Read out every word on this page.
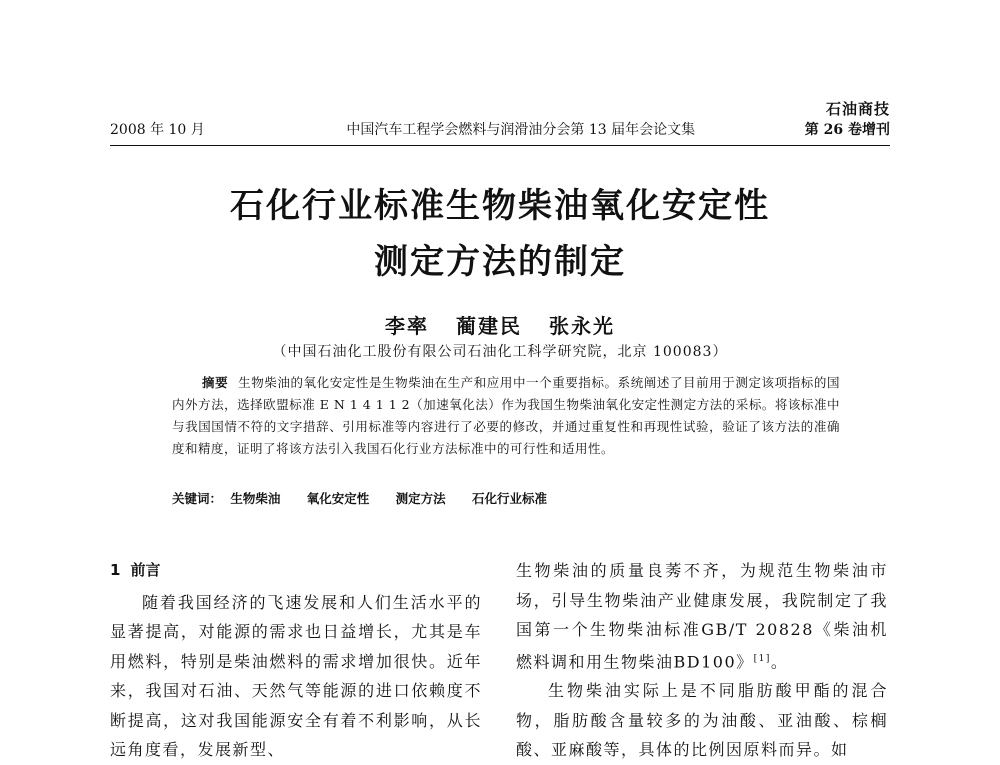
石油商技
2008 年 10 月	中国汽车工程学会燃料与润滑油分会第 13 届年会论文集	第 26 卷增刊
石化行业标准生物柴油氧化安定性
测定方法的制定
李率 蔺建民 张永光
（中国石油化工股份有限公司石油化工科学研究院，北京 100083）
摘要 生物柴油的氧化安定性是生物柴油在生产和应用中一个重要指标。系统阐述了目前用于测定该项指标的国内外方法，选择欧盟标准 E N 1 4 1 1 2（加速氧化法）作为我国生物柴油氧化安定性测定方法的采标。将该标准中与我国国情不符的文字措辞、引用标准等内容进行了必要的修改，并通过重复性和再现性试验，验证了该方法的准确度和精度，证明了将该方法引入我国石化行业方法标准中的可行性和适用性。
关键词： 生物柴油 氧化安定性 测定方法 石化行业标准
1 前言

随着我国经济的飞速发展和人们生活水平的显著提高，对能源的需求也日益增长，尤其是车用燃料，特别是柴油燃料的需求增加很快。近年来，我国对石油、天然气等能源的进口依赖度不断提高，这对我国能源安全有着不利影响，从长远角度看，发展新型、

生物柴油的质量良莠不齐，为规范生物柴油市场，引导生物柴油产业健康发展，我院制定了我国第一个生物柴油标准GB/T 20828《柴油机燃料调和用生物柴油BD100》[1]。

生物柴油实际上是不同脂肪酸甲酯的混合物，脂肪酸含量较多的为油酸、亚油酸、棕榈酸、亚麻酸等，具体的比例因原料而异。如
